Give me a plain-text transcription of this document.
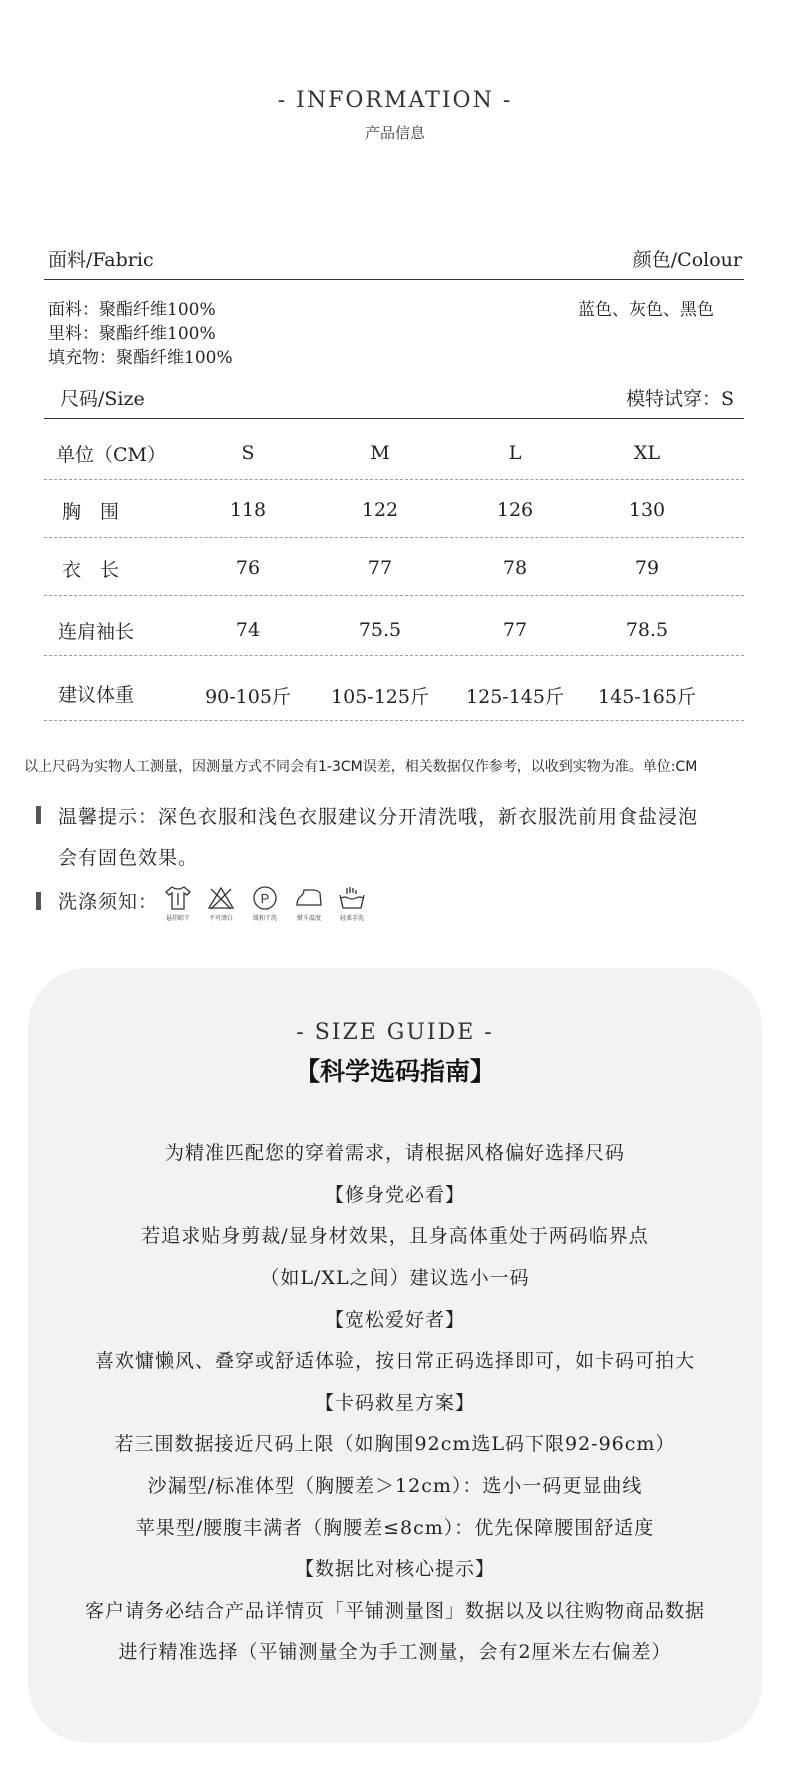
- INFORMATION -
产品信息
面料/Fabric	颜色/Colour
面料：聚酯纤维100%
里料：聚酯纤维100%
填充物：聚酯纤维100%
蓝色、灰色、黑色
尺码/Size	模特试穿：S
单位（CM）	S	M	L	XL
胸　围	118	122	126	130
衣　长	76	77	78	79
连肩袖长	74	75.5	77	78.5
建议体重	90-105斤	105-125斤	125-145斤	145-165斤
以上尺码为实物人工测量，因测量方式不同会有1-3CM误差，相关数据仅作参考，以收到实物为准。单位:CM
温馨提示：深色衣服和浅色衣服建议分开清洗哦，新衣服洗前用食盐浸泡
会有固色效果。
洗涤须知：
悬挂晾干	不可漂白
P
缓和干洗	熨斗温度	轻柔手洗
- SIZE GUIDE -
【科学选码指南】
为精准匹配您的穿着需求，请根据风格偏好选择尺码
【修身党必看】
若追求贴身剪裁/显身材效果，且身高体重处于两码临界点
（如L/XL之间）建议选小一码
【宽松爱好者】
喜欢慵懒风、叠穿或舒适体验，按日常正码选择即可，如卡码可拍大
【卡码救星方案】
若三围数据接近尺码上限（如胸围92cm选L码下限92-96cm）
沙漏型/标准体型（胸腰差＞12cm）：选小一码更显曲线
苹果型/腰腹丰满者（胸腰差≤8cm）：优先保障腰围舒适度
【数据比对核心提示】
客户请务必结合产品详情页「平铺测量图」数据以及以往购物商品数据
进行精准选择（平铺测量全为手工测量，会有2厘米左右偏差）
